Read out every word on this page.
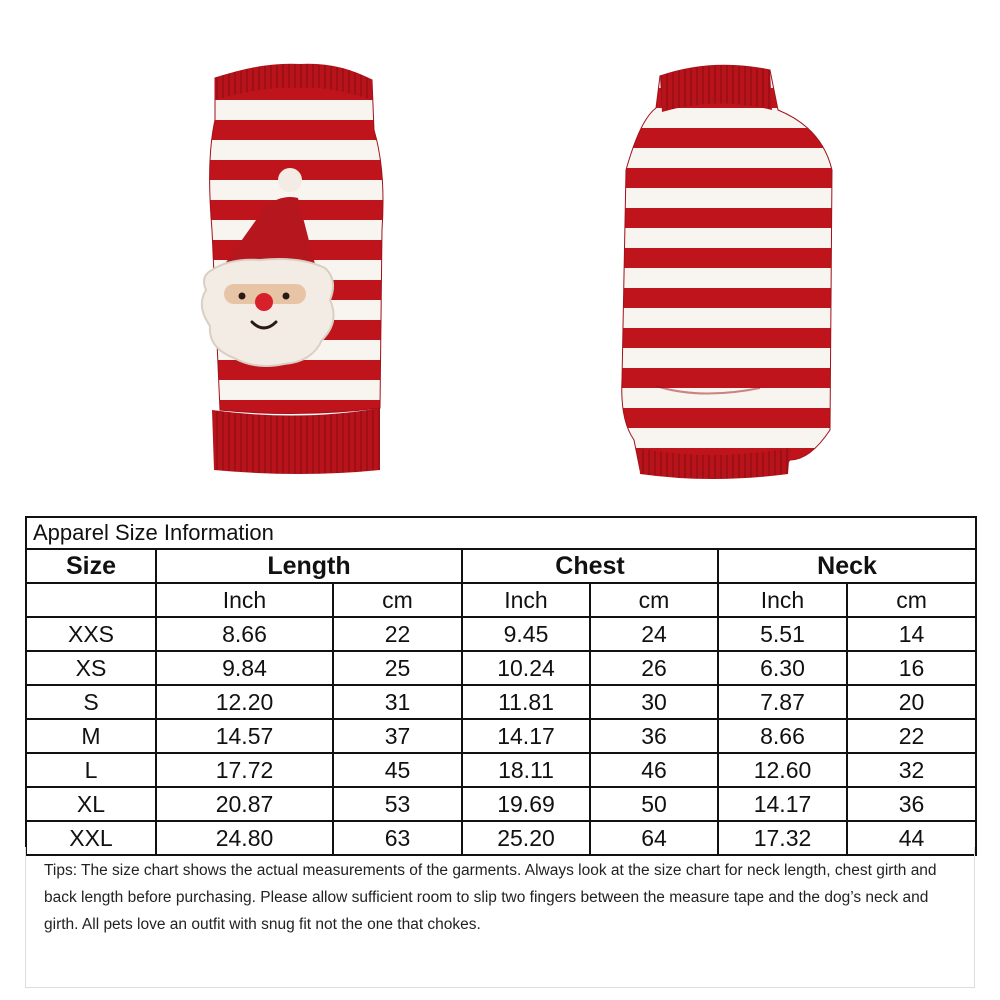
Apparel Size Information						
Size	Length		Chest		Neck	
	Inch	cm	Inch	cm	Inch	cm
XXS	8.66	22	9.45	24	5.51	14
XS	9.84	25	10.24	26	6.30	16
S	12.20	31	11.81	30	7.87	20
M	14.57	37	14.17	36	8.66	22
L	17.72	45	18.11	46	12.60	32
XL	20.87	53	19.69	50	14.17	36
XXL	24.80	63	25.20	64	17.32	44
Tips: The size chart shows the actual measurements of the garments. Always look at the size chart for neck length, chest girth and back length before purchasing. Please allow sufficient room to slip two fingers between the measure tape and the dog’s neck and girth. All pets love an outfit with snug fit not the one that chokes.
